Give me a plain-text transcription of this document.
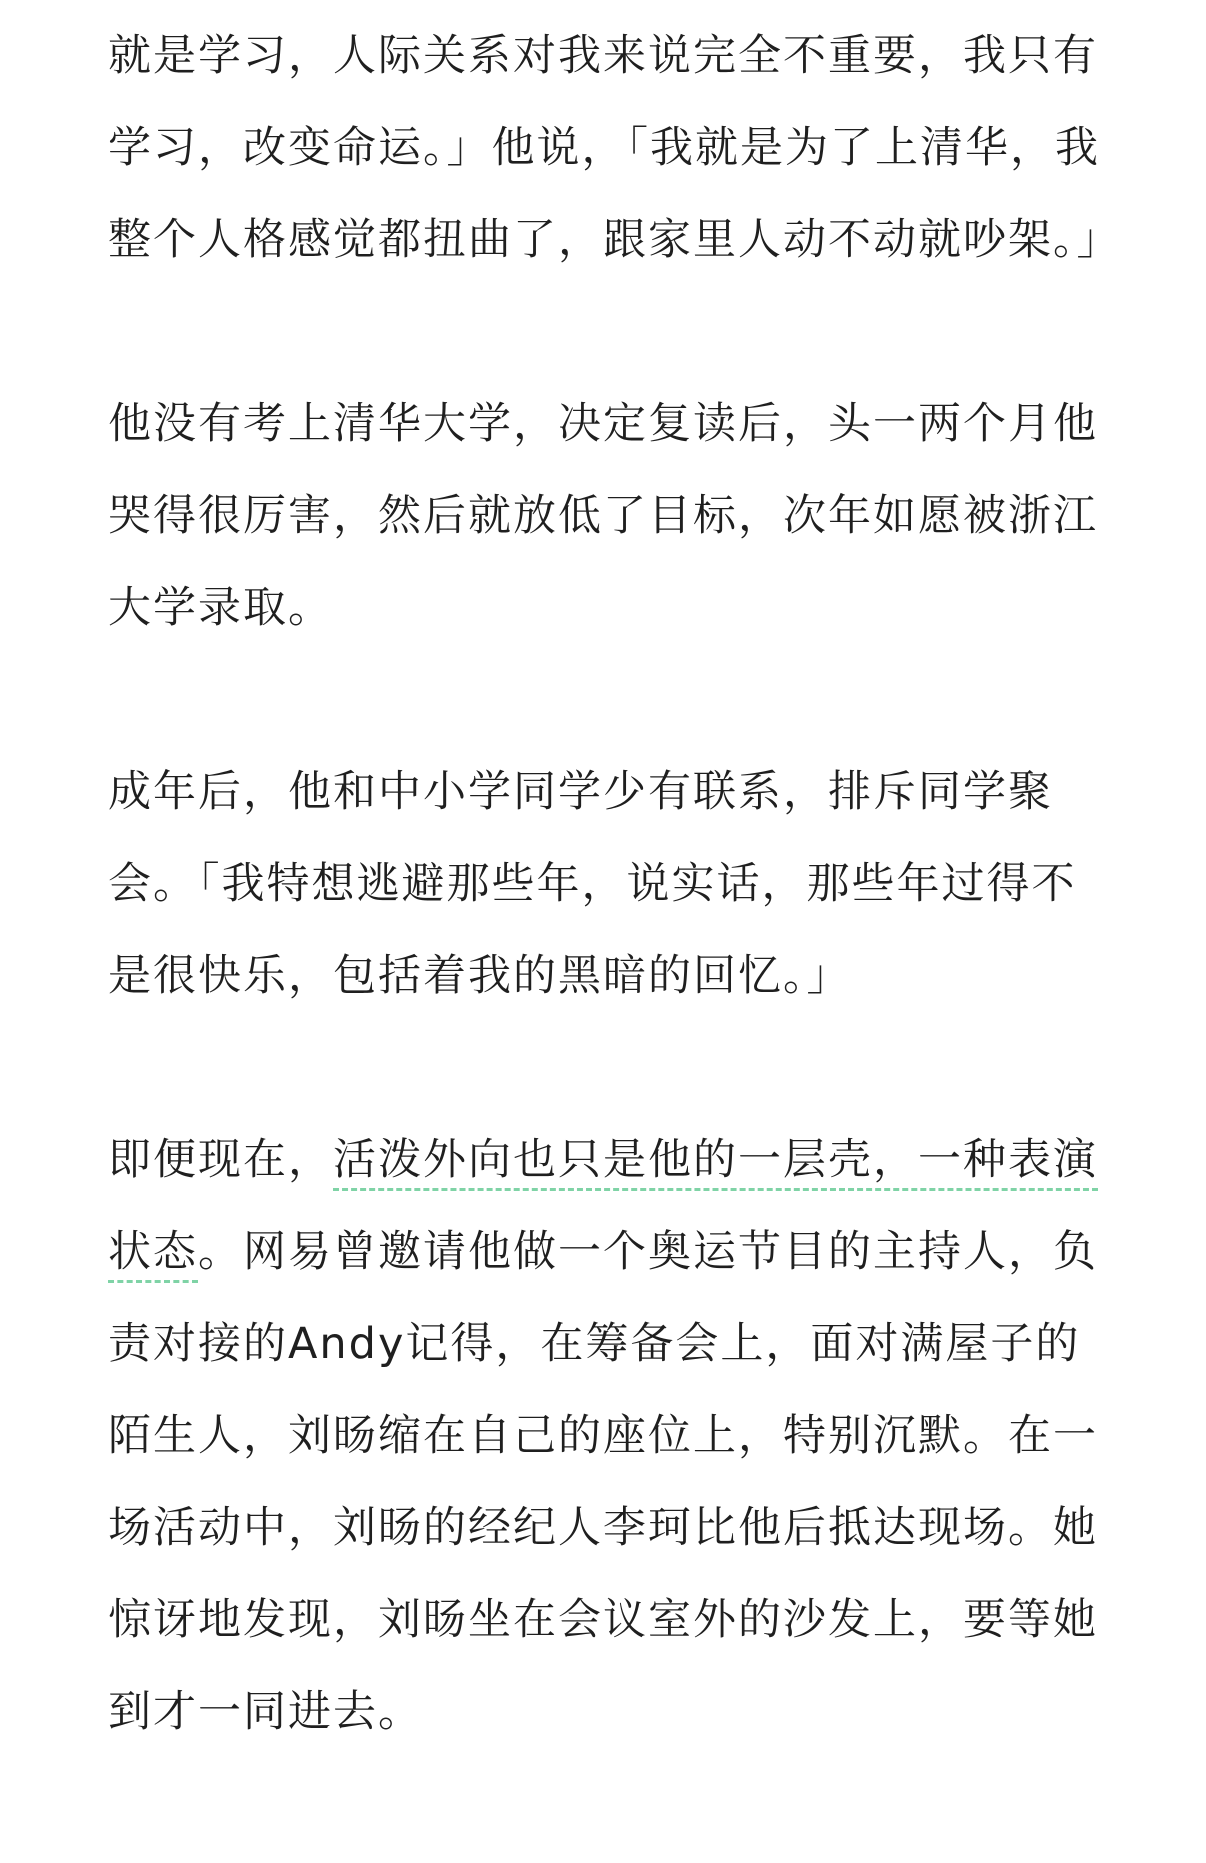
就是学习，人际关系对我来说完全不重要，我只有学习，改变命运。」他说，「我就是为了上清华，我整个人格感觉都扭曲了，跟家里人动不动就吵架。」

他没有考上清华大学，决定复读后，头一两个月他哭得很厉害，然后就放低了目标，次年如愿被浙江大学录取。

成年后，他和中小学同学少有联系，排斥同学聚会。「我特想逃避那些年，说实话，那些年过得不是很快乐，包括着我的黑暗的回忆。」

即便现在，活泼外向也只是他的一层壳，一种表演状态。网易曾邀请他做一个奥运节目的主持人，负责对接的Andy记得，在筹备会上，面对满屋子的陌生人，刘旸缩在自己的座位上，特别沉默。在一场活动中，刘旸的经纪人李珂比他后抵达现场。她惊讶地发现，刘旸坐在会议室外的沙发上，要等她到才一同进去。
